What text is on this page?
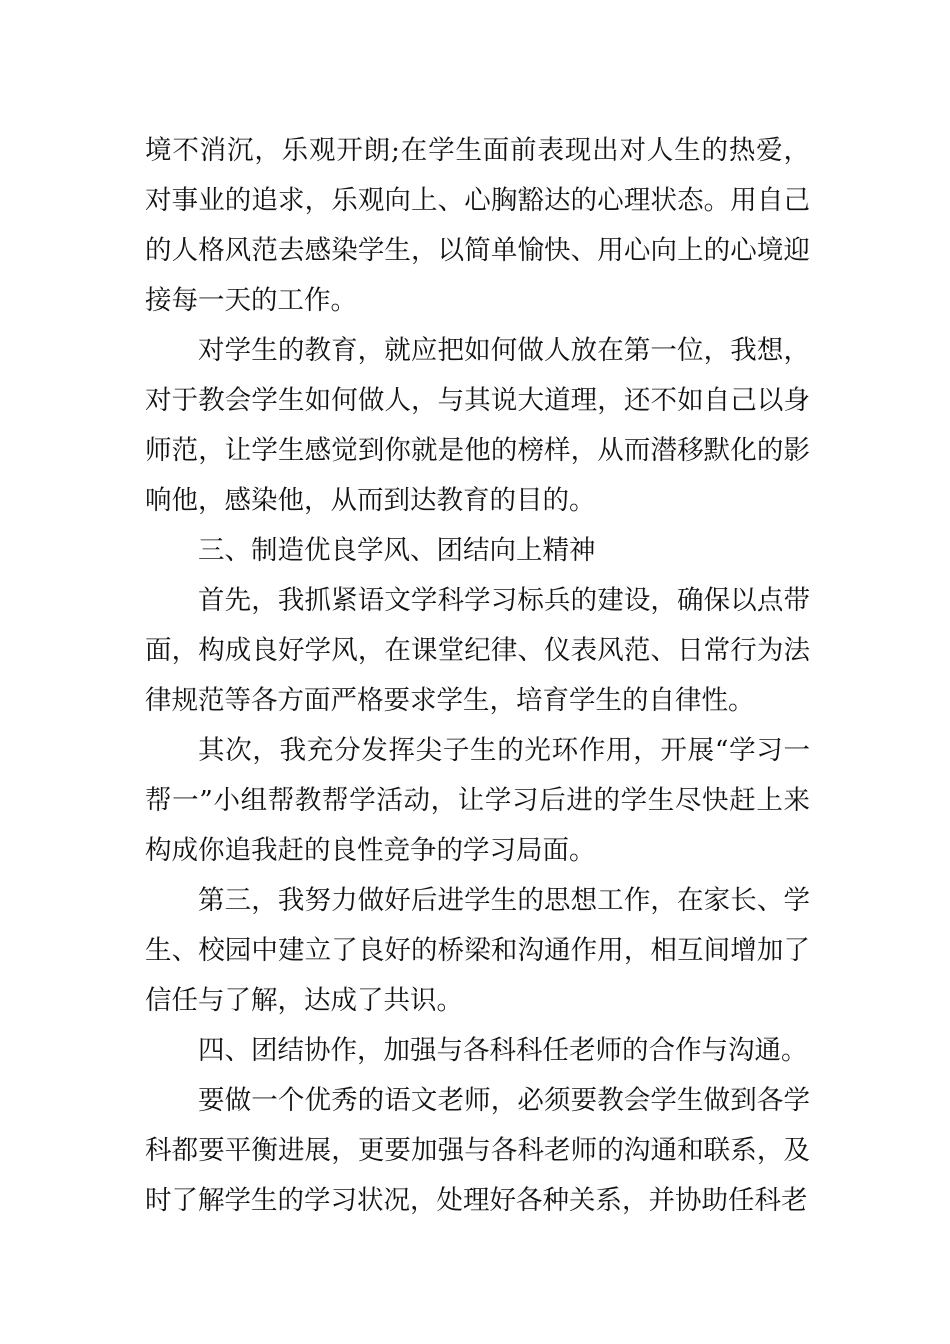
境不消沉，乐观开朗;在学生面前表现出对人生的热爱，对事业的追求，乐观向上、心胸豁达的心理状态。用自己的人格风范去感染学生，以简单愉快、用心向上的心境迎接每一天的工作。

对学生的教育，就应把如何做人放在第一位，我想，对于教会学生如何做人，与其说大道理，还不如自己以身师范，让学生感觉到你就是他的榜样，从而潜移默化的影响他，感染他，从而到达教育的目的。

三、制造优良学风、团结向上精神

首先，我抓紧语文学科学习标兵的建设，确保以点带面，构成良好学风，在课堂纪律、仪表风范、日常行为法律规范等各方面严格要求学生，培育学生的自律性。

其次，我充分发挥尖子生的光环作用，开展“学习一帮一”小组帮教帮学活动，让学习后进的学生尽快赶上来构成你追我赶的良性竞争的学习局面。

第三，我努力做好后进学生的思想工作，在家长、学生、校园中建立了良好的桥梁和沟通作用，相互间增加了信任与了解，达成了共识。

四、团结协作，加强与各科科任老师的合作与沟通。

要做一个优秀的语文老师，必须要教会学生做到各学科都要平衡进展，更要加强与各科老师的沟通和联系，及时了解学生的学习状况，处理好各种关系，并协助任科老
